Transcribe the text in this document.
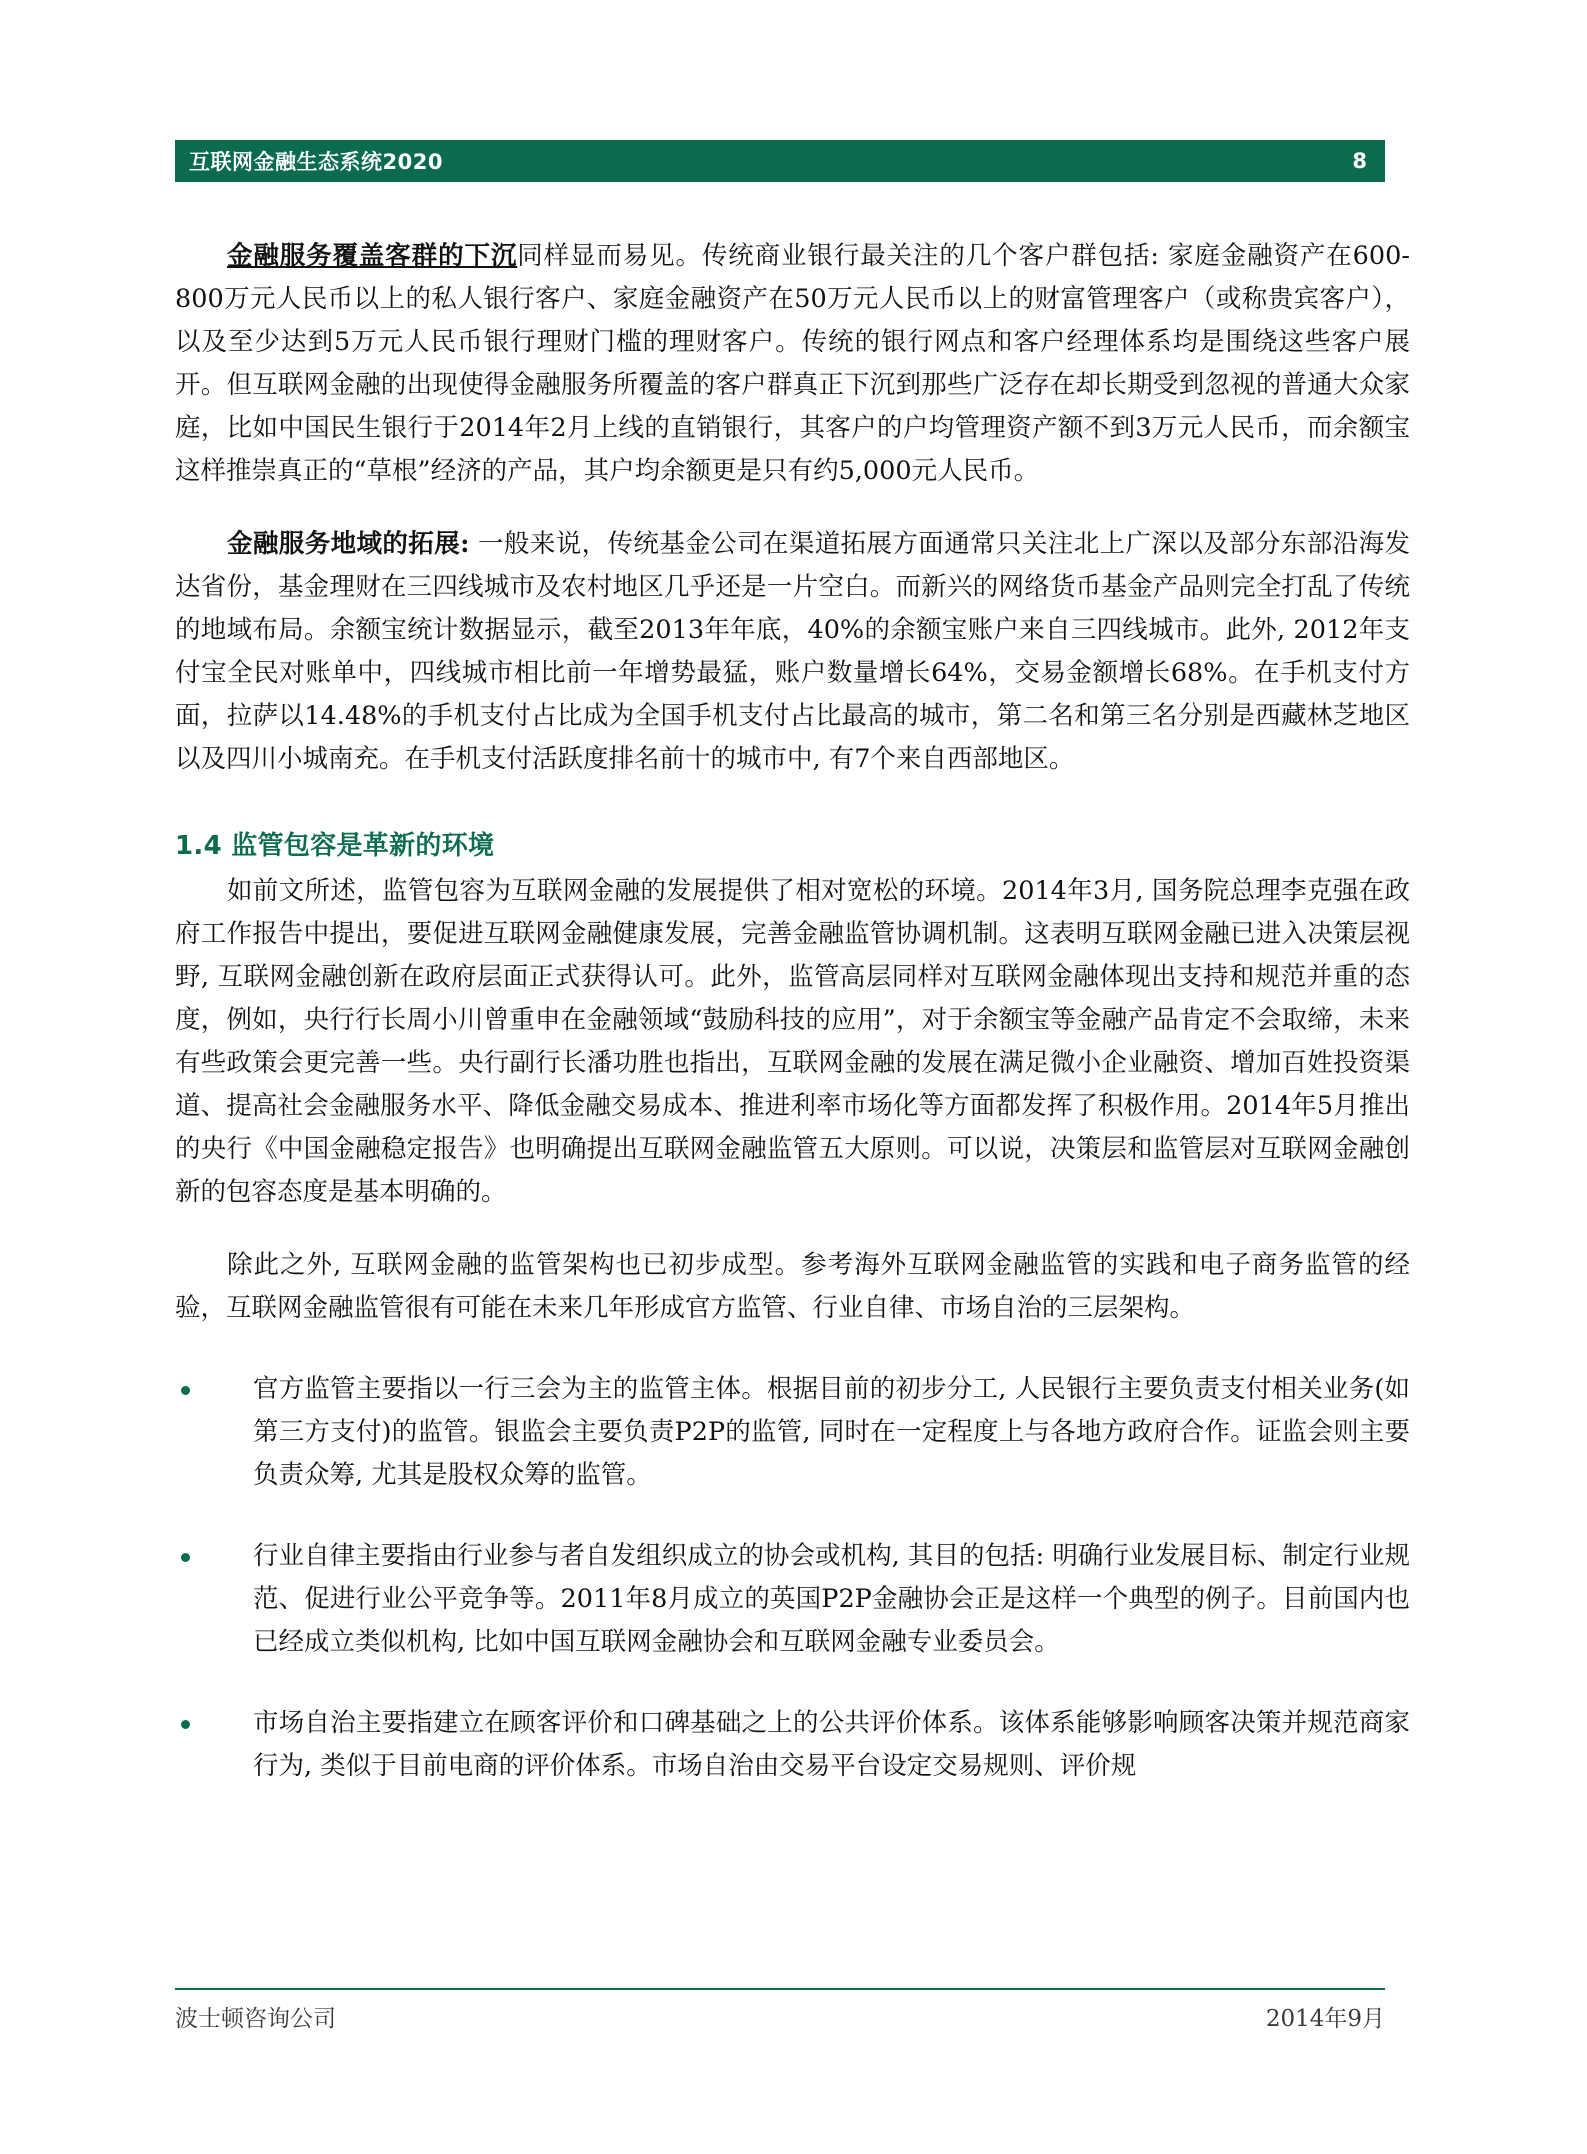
互联网金融生态系统2020	8

金融服务覆盖客群的下沉同样显而易见。传统商业银行最关注的几个客户群包括: 家庭金融资产在600-800万元人民币以上的私人银行客户、家庭金融资产在50万元人民币以上的财富管理客户（或称贵宾客户），以及至少达到5万元人民币银行理财门槛的理财客户。传统的银行网点和客户经理体系均是围绕这些客户展开。但互联网金融的出现使得金融服务所覆盖的客户群真正下沉到那些广泛存在却长期受到忽视的普通大众家庭，比如中国民生银行于2014年2月上线的直销银行，其客户的户均管理资产额不到3万元人民币，而余额宝这样推崇真正的“草根”经济的产品，其户均余额更是只有约5,000元人民币。

金融服务地域的拓展: 一般来说，传统基金公司在渠道拓展方面通常只关注北上广深以及部分东部沿海发达省份，基金理财在三四线城市及农村地区几乎还是一片空白。而新兴的网络货币基金产品则完全打乱了传统的地域布局。余额宝统计数据显示，截至2013年年底，40%的余额宝账户来自三四线城市。此外, 2012年支付宝全民对账单中，四线城市相比前一年增势最猛，账户数量增长64%，交易金额增长68%。在手机支付方面，拉萨以14.48%的手机支付占比成为全国手机支付占比最高的城市，第二名和第三名分别是西藏林芝地区以及四川小城南充。在手机支付活跃度排名前十的城市中, 有7个来自西部地区。

1.4 监管包容是革新的环境

如前文所述，监管包容为互联网金融的发展提供了相对宽松的环境。2014年3月, 国务院总理李克强在政府工作报告中提出，要促进互联网金融健康发展，完善金融监管协调机制。这表明互联网金融已进入决策层视野, 互联网金融创新在政府层面正式获得认可。此外，监管高层同样对互联网金融体现出支持和规范并重的态度，例如，央行行长周小川曾重申在金融领域“鼓励科技的应用”，对于余额宝等金融产品肯定不会取缔，未来有些政策会更完善一些。央行副行长潘功胜也指出，互联网金融的发展在满足微小企业融资、增加百姓投资渠道、提高社会金融服务水平、降低金融交易成本、推进利率市场化等方面都发挥了积极作用。2014年5月推出的央行《中国金融稳定报告》也明确提出互联网金融监管五大原则。可以说，决策层和监管层对互联网金融创新的包容态度是基本明确的。

除此之外, 互联网金融的监管架构也已初步成型。参考海外互联网金融监管的实践和电子商务监管的经验，互联网金融监管很有可能在未来几年形成官方监管、行业自律、市场自治的三层架构。

官方监管主要指以一行三会为主的监管主体。根据目前的初步分工, 人民银行主要负责支付相关业务(如第三方支付)的监管。银监会主要负责P2P的监管, 同时在一定程度上与各地方政府合作。证监会则主要负责众筹, 尤其是股权众筹的监管。
行业自律主要指由行业参与者自发组织成立的协会或机构, 其目的包括: 明确行业发展目标、制定行业规范、促进行业公平竞争等。2011年8月成立的英国P2P金融协会正是这样一个典型的例子。目前国内也已经成立类似机构, 比如中国互联网金融协会和互联网金融专业委员会。
市场自治主要指建立在顾客评价和口碑基础之上的公共评价体系。该体系能够影响顾客决策并规范商家行为, 类似于目前电商的评价体系。市场自治由交易平台设定交易规则、评价规
波士顿咨询公司	2014年9月
